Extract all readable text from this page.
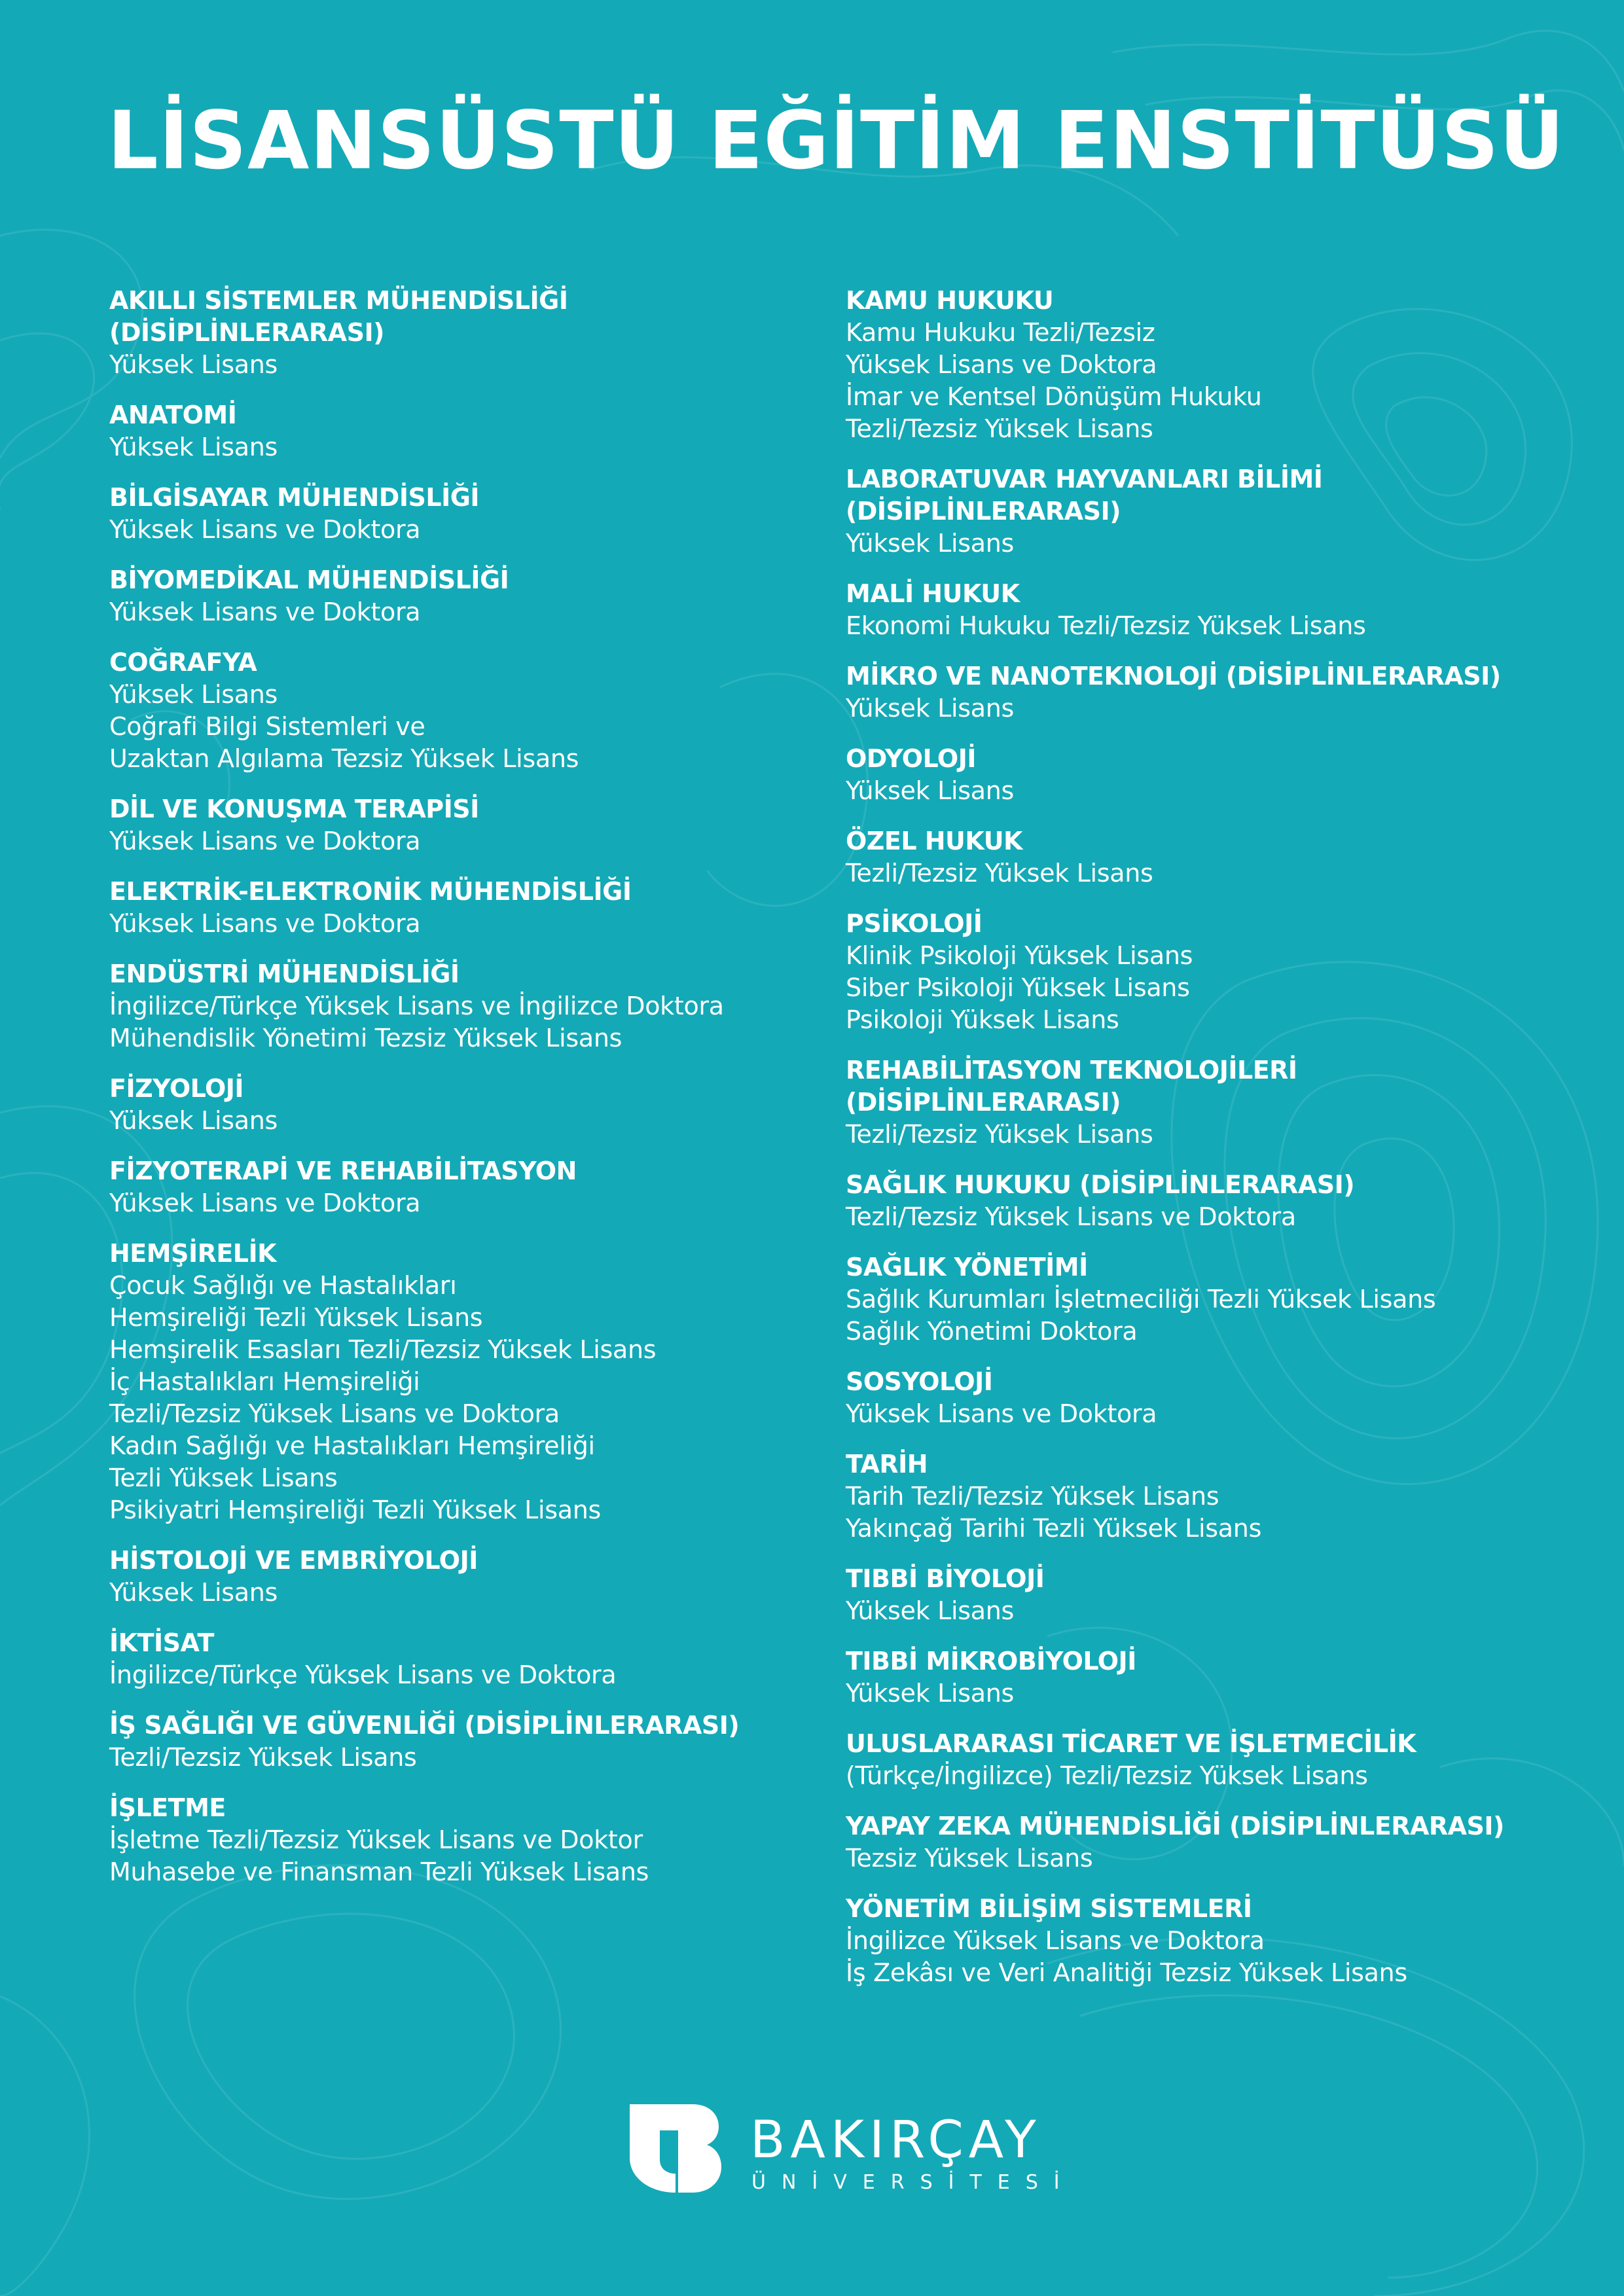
LİSANSÜSTÜ EĞİTİM ENSTİTÜSÜ
AKILLI SİSTEMLER MÜHENDİSLİĞİ
(DİSİPLİNLERARASI)
Yüksek Lisans
ANATOMİ
Yüksek Lisans
BİLGİSAYAR MÜHENDİSLİĞİ
Yüksek Lisans ve Doktora
BİYOMEDİKAL MÜHENDİSLİĞİ
Yüksek Lisans ve Doktora
COĞRAFYA
Yüksek Lisans
Coğrafi Bilgi Sistemleri ve
Uzaktan Algılama Tezsiz Yüksek Lisans
DİL VE KONUŞMA TERAPİSİ
Yüksek Lisans ve Doktora
ELEKTRİK-ELEKTRONİK MÜHENDİSLİĞİ
Yüksek Lisans ve Doktora
ENDÜSTRİ MÜHENDİSLİĞİ
İngilizce/Türkçe Yüksek Lisans ve İngilizce Doktora
Mühendislik Yönetimi Tezsiz Yüksek Lisans
FİZYOLOJİ
Yüksek Lisans
FİZYOTERAPİ VE REHABİLİTASYON
Yüksek Lisans ve Doktora
HEMŞİRELİK
Çocuk Sağlığı ve Hastalıkları
Hemşireliği Tezli Yüksek Lisans
Hemşirelik Esasları Tezli/Tezsiz Yüksek Lisans
İç Hastalıkları Hemşireliği
Tezli/Tezsiz Yüksek Lisans ve Doktora
Kadın Sağlığı ve Hastalıkları Hemşireliği
Tezli Yüksek Lisans
Psikiyatri Hemşireliği Tezli Yüksek Lisans
HİSTOLOJİ VE EMBRİYOLOJİ
Yüksek Lisans
İKTİSAT
İngilizce/Türkçe Yüksek Lisans ve Doktora
İŞ SAĞLIĞI VE GÜVENLİĞİ (DİSİPLİNLERARASI)
Tezli/Tezsiz Yüksek Lisans
İŞLETME
İşletme Tezli/Tezsiz Yüksek Lisans ve Doktor
Muhasebe ve Finansman Tezli Yüksek Lisans
KAMU HUKUKU
Kamu Hukuku Tezli/Tezsiz
Yüksek Lisans ve Doktora
İmar ve Kentsel Dönüşüm Hukuku
Tezli/Tezsiz Yüksek Lisans
LABORATUVAR HAYVANLARI BİLİMİ
(DİSİPLİNLERARASI)
Yüksek Lisans
MALİ HUKUK
Ekonomi Hukuku Tezli/Tezsiz Yüksek Lisans
MİKRO VE NANOTEKNOLOJİ (DİSİPLİNLERARASI)
Yüksek Lisans
ODYOLOJİ
Yüksek Lisans
ÖZEL HUKUK
Tezli/Tezsiz Yüksek Lisans
PSİKOLOJİ
Klinik Psikoloji Yüksek Lisans
Siber Psikoloji Yüksek Lisans
Psikoloji Yüksek Lisans
REHABİLİTASYON TEKNOLOJİLERİ
(DİSİPLİNLERARASI)
Tezli/Tezsiz Yüksek Lisans
SAĞLIK HUKUKU (DİSİPLİNLERARASI)
Tezli/Tezsiz Yüksek Lisans ve Doktora
SAĞLIK YÖNETİMİ
Sağlık Kurumları İşletmeciliği Tezli Yüksek Lisans
Sağlık Yönetimi Doktora
SOSYOLOJİ
Yüksek Lisans ve Doktora
TARİH
Tarih Tezli/Tezsiz Yüksek Lisans
Yakınçağ Tarihi Tezli Yüksek Lisans
TIBBİ BİYOLOJİ
Yüksek Lisans
TIBBİ MİKROBİYOLOJİ
Yüksek Lisans
ULUSLARARASI TİCARET VE İŞLETMECİLİK
(Türkçe/İngilizce) Tezli/Tezsiz Yüksek Lisans
YAPAY ZEKA MÜHENDİSLİĞİ (DİSİPLİNLERARASI)
Tezsiz Yüksek Lisans
YÖNETİM BİLİŞİM SİSTEMLERİ
İngilizce Yüksek Lisans ve Doktora
İş Zekâsı ve Veri Analitiği Tezsiz Yüksek Lisans
BAKIRÇAY
ÜNİVERSİTESİ
